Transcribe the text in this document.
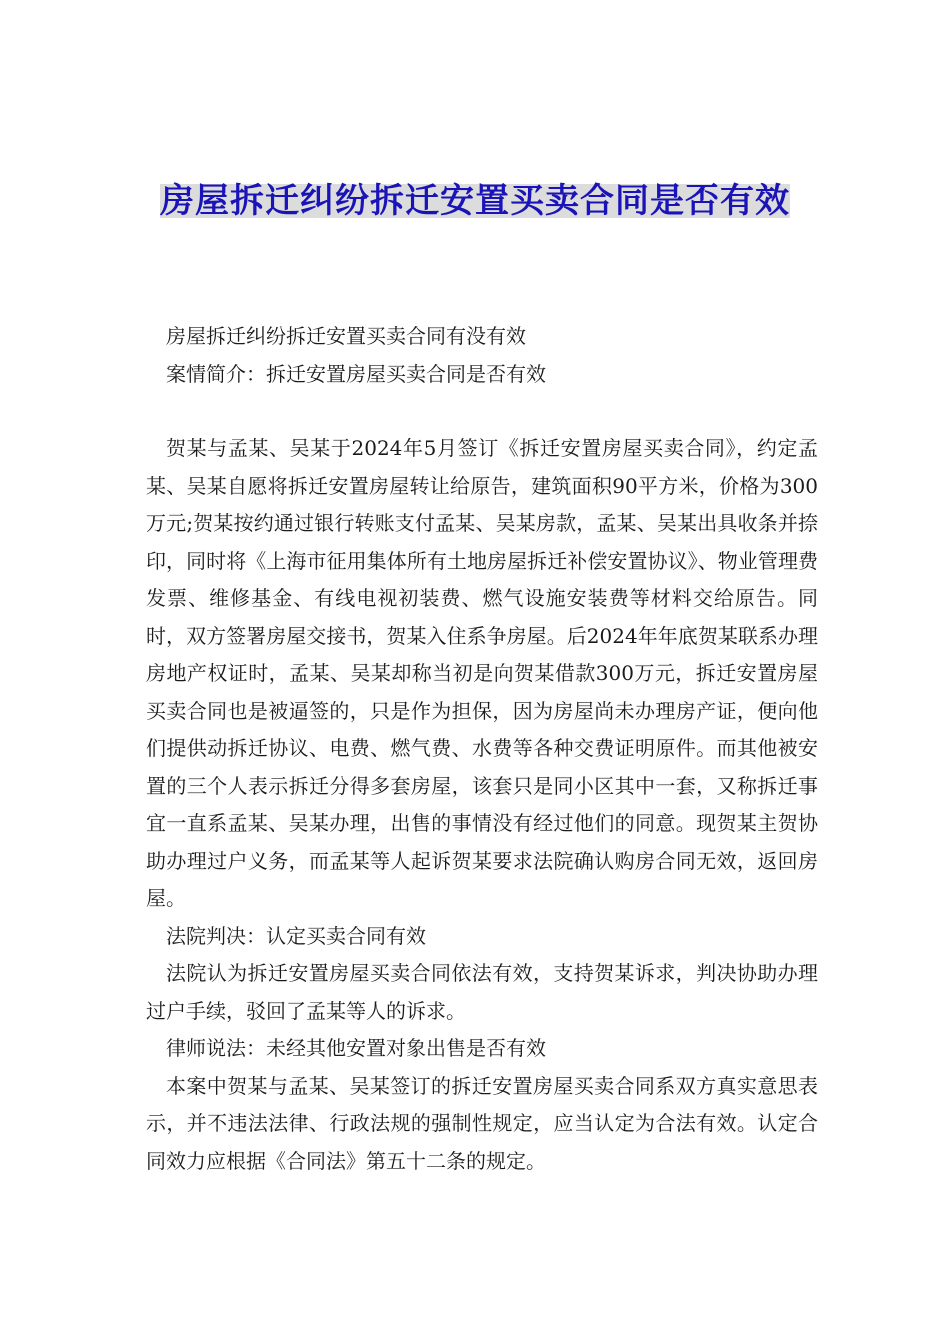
房屋拆迁纠纷拆迁安置买卖合同是否有效

房屋拆迁纠纷拆迁安置买卖合同有没有效

案情简介：拆迁安置房屋买卖合同是否有效

贺某与孟某、吴某于2024年5月签订《拆迁安置房屋买卖合同》，约定孟某、吴某自愿将拆迁安置房屋转让给原告，建筑面积90平方米，价格为300万元;贺某按约通过银行转账支付孟某、吴某房款，孟某、吴某出具收条并捺印，同时将《上海市征用集体所有土地房屋拆迁补偿安置协议》、物业管理费发票、维修基金、有线电视初装费、燃气设施安装费等材料交给原告。同时，双方签署房屋交接书，贺某入住系争房屋。后2024年年底贺某联系办理房地产权证时，孟某、吴某却称当初是向贺某借款300万元，拆迁安置房屋买卖合同也是被逼签的，只是作为担保，因为房屋尚未办理房产证，便向他们提供动拆迁协议、电费、燃气费、水费等各种交费证明原件。而其他被安置的三个人表示拆迁分得多套房屋，该套只是同小区其中一套，又称拆迁事宜一直系孟某、吴某办理，出售的事情没有经过他们的同意。现贺某主贺协助办理过户义务，而孟某等人起诉贺某要求法院确认购房合同无效，返回房屋。

法院判决：认定买卖合同有效

法院认为拆迁安置房屋买卖合同依法有效，支持贺某诉求，判决协助办理过户手续，驳回了孟某等人的诉求。

律师说法：未经其他安置对象出售是否有效

本案中贺某与孟某、吴某签订的拆迁安置房屋买卖合同系双方真实意思表示，并不违法法律、行政法规的强制性规定，应当认定为合法有效。认定合同效力应根据《合同法》第五十二条的规定。
